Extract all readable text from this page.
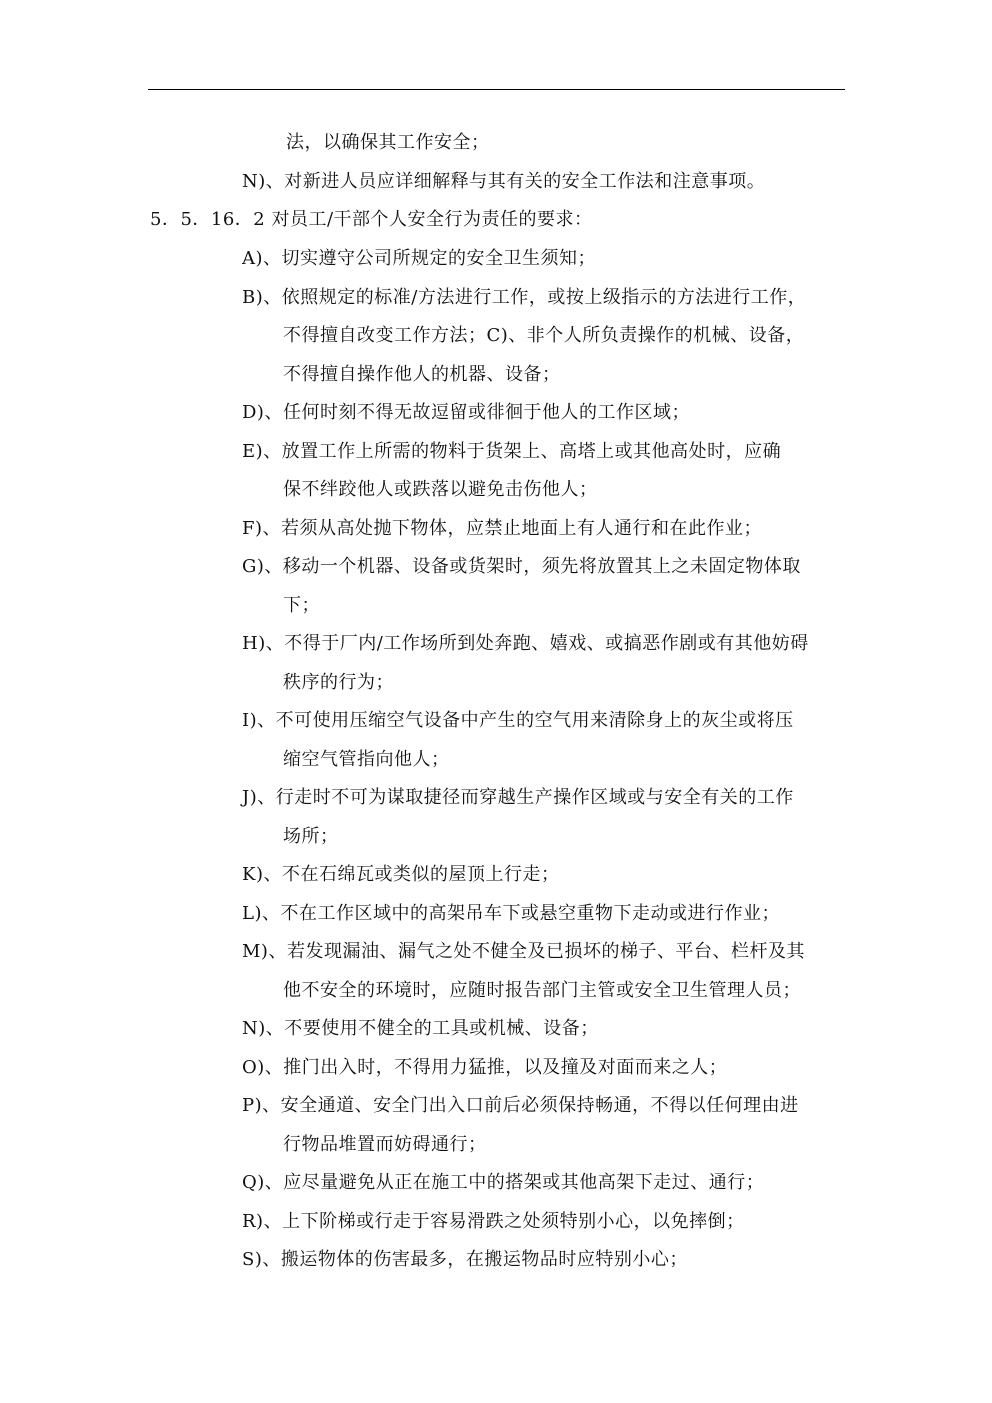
法，以确保其工作安全；
N)、对新进人员应详细解释与其有关的安全工作法和注意事项。
5．5．16．2 对员工/干部个人安全行为责任的要求：
A)、切实遵守公司所规定的安全卫生须知；
B)、依照规定的标准/方法进行工作，或按上级指示的方法进行工作，
不得擅自改变工作方法；C)、非个人所负责操作的机械、设备，
不得擅自操作他人的机器、设备；
D)、任何时刻不得无故逗留或徘徊于他人的工作区域；
E)、放置工作上所需的物料于货架上、高塔上或其他高处时，应确
保不绊跤他人或跌落以避免击伤他人；
F)、若须从高处抛下物体，应禁止地面上有人通行和在此作业；
G)、移动一个机器、设备或货架时，须先将放置其上之未固定物体取
下；
H)、不得于厂内/工作场所到处奔跑、嬉戏、或搞恶作剧或有其他妨碍
秩序的行为；
I)、不可使用压缩空气设备中产生的空气用来清除身上的灰尘或将压
缩空气管指向他人；
J)、行走时不可为谋取捷径而穿越生产操作区域或与安全有关的工作
场所；
K)、不在石绵瓦或类似的屋顶上行走；
L)、不在工作区域中的高架吊车下或悬空重物下走动或进行作业；
M)、若发现漏油、漏气之处不健全及已损坏的梯子、平台、栏杆及其
他不安全的环境时，应随时报告部门主管或安全卫生管理人员；
N)、不要使用不健全的工具或机械、设备；
O)、推门出入时，不得用力猛推，以及撞及对面而来之人；
P)、安全通道、安全门出入口前后必须保持畅通，不得以任何理由进
行物品堆置而妨碍通行；
Q)、应尽量避免从正在施工中的搭架或其他高架下走过、通行；
R)、上下阶梯或行走于容易滑跌之处须特别小心，以免摔倒；
S)、搬运物体的伤害最多，在搬运物品时应特别小心；
